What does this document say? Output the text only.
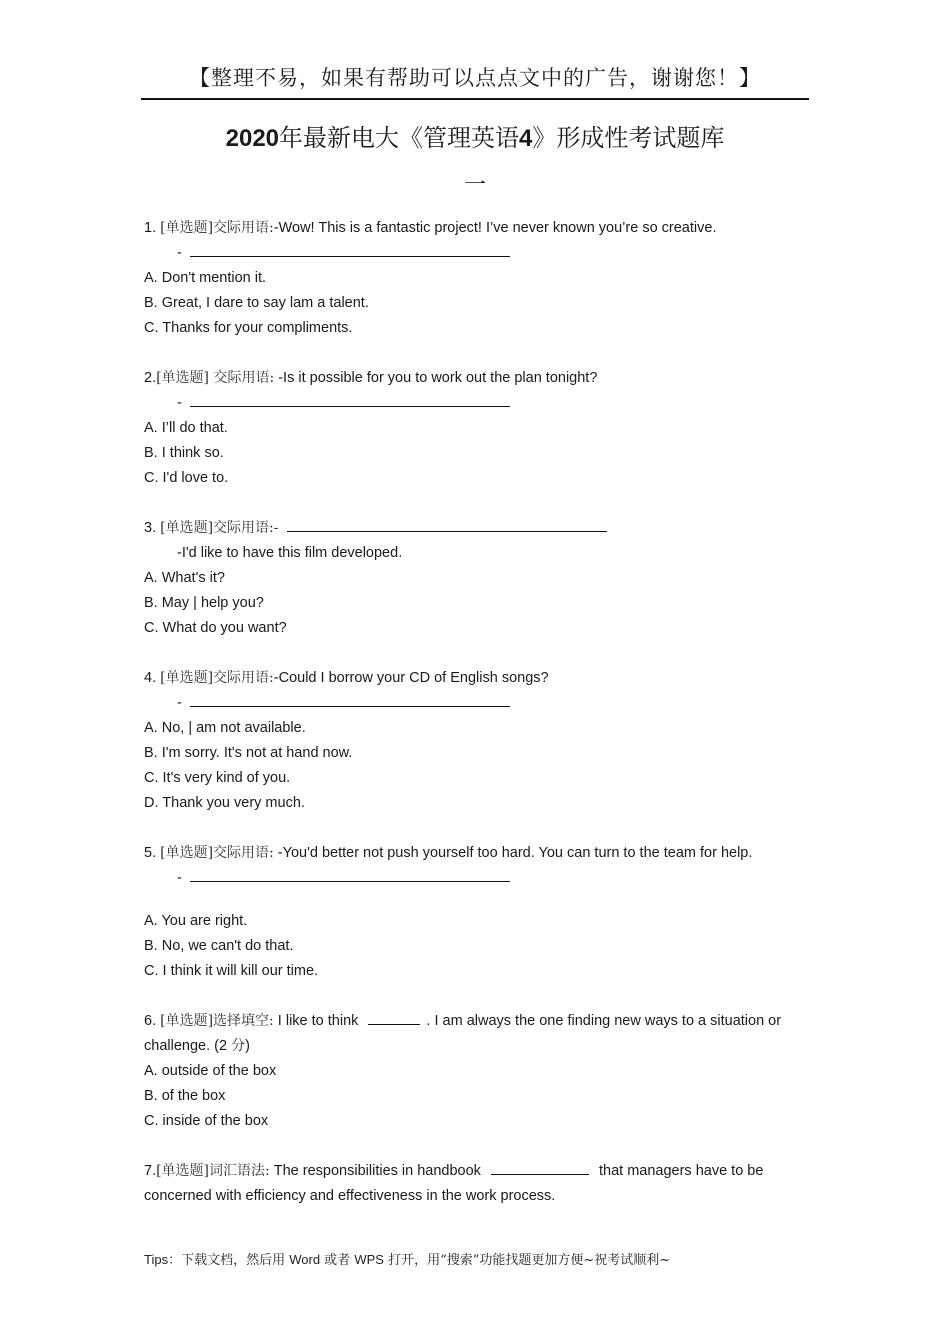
【整理不易，如果有帮助可以点点文中的广告，谢谢您！】
2020年最新电大《管理英语4》形成性考试题库
一
1. [单选题]交际用语:-Wow! This is a fantastic project! I’ve never known you’re so creative.
-
A. Don't mention it.
B. Great, I dare to say lam a talent.
C. Thanks for your compliments.
2.[单选题] 交际用语: -Is it possible for you to work out the plan tonight?
-
A. I’ll do that.
B. I think so.
C. I'd love to.
3. [单选题]交际用语:-
-I'd like to have this film developed.
A. What's it?
B. May | help you?
C. What do you want?
4. [单选题]交际用语:-Could I borrow your CD of English songs?
-
A. No, | am not available.
B. I'm sorry. It's not at hand now.
C. It's very kind of you.
D. Thank you very much.
5. [单选题]交际用语: -You'd better not push yourself too hard. You can turn to the team for help.
-
A. You are right.
B. No, we can't do that.
C. I think it will kill our time.
6. [单选题]选择填空: I like to think	. I am always the one finding new ways to a situation or challenge. (2 分)
A. outside of the box
B. of the box
C. inside of the box
7.[单选题]词汇语法: The responsibilities in handbook	that managers have to be concerned with efficiency and effectiveness in the work process.
Tips：下载文档，然后用 Word 或者 WPS 打开，用“搜索”功能找题更加方便~祝考试顺利~
